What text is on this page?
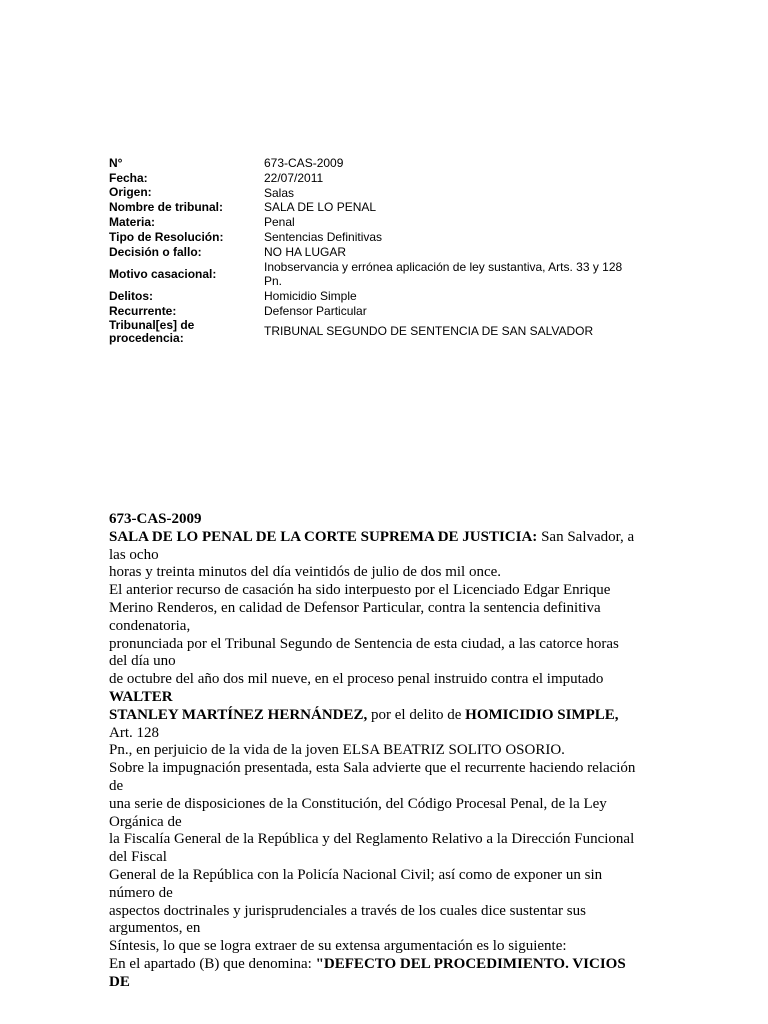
N°	673-CAS-2009
Fecha:	22/07/2011
Origen:	Salas
Nombre de tribunal:	SALA DE LO PENAL
Materia:	Penal
Tipo de Resolución:	Sentencias Definitivas
Decisión o fallo:	NO HA LUGAR
Motivo casacional:
Inobservancia y errónea aplicación de ley sustantiva, Arts. 33 y 128
Pn.
Delitos:	Homicidio Simple
Recurrente:	Defensor Particular
Tribunal[es] de
procedencia:	TRIBUNAL SEGUNDO DE SENTENCIA DE SAN SALVADOR

673-CAS-2009

SALA DE LO PENAL DE LA CORTE SUPREMA DE JUSTICIA: San Salvador, a

las ocho

horas y treinta minutos del día veintidós de julio de dos mil once.

El anterior recurso de casación ha sido interpuesto por el Licenciado Edgar Enrique

Merino Renderos, en calidad de Defensor Particular, contra la sentencia definitiva

condenatoria,

pronunciada por el Tribunal Segundo de Sentencia de esta ciudad, a las catorce horas

del día uno

de octubre del año dos mil nueve, en el proceso penal instruido contra el imputado

WALTER

STANLEY MARTÍNEZ HERNÁNDEZ, por el delito de HOMICIDIO SIMPLE,

Art. 128

Pn., en perjuicio de la vida de la joven ELSA BEATRIZ SOLITO OSORIO.

Sobre la impugnación presentada, esta Sala advierte que el recurrente haciendo relación

de

una serie de disposiciones de la Constitución, del Código Procesal Penal, de la Ley

Orgánica de

la Fiscalía General de la República y del Reglamento Relativo a la Dirección Funcional

del Fiscal

General de la República con la Policía Nacional Civil; así como de exponer un sin

número de

aspectos doctrinales y jurisprudenciales a través de los cuales dice sustentar sus

argumentos, en

Síntesis, lo que se logra extraer de su extensa argumentación es lo siguiente:

En el apartado (B) que denomina: "DEFECTO DEL PROCEDIMIENTO. VICIOS

DE
